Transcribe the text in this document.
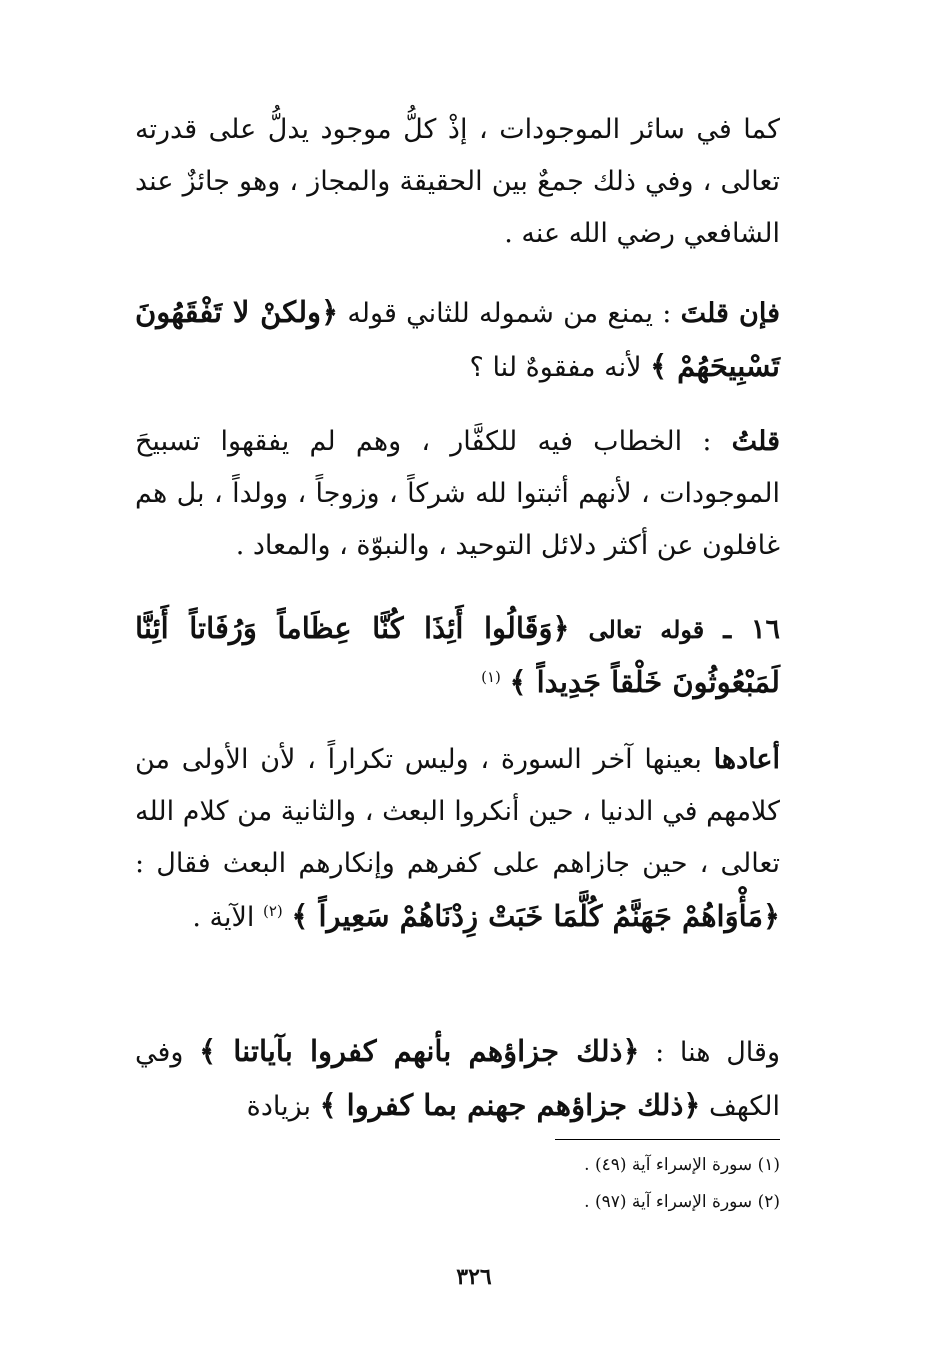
كما في سائر الموجودات ، إذْ كلُّ موجود يدلُّ على قدرته تعالى ، وفي ذلك جمعٌ بين الحقيقة والمجاز ، وهو جائزٌ عند الشافعي رضي الله عنه .
فإن قلتَ : يمنع من شموله للثاني قوله ﴿ولكنْ لا تَفْقَهُونَ تَسْبِيحَهُمْ ﴾ لأنه مفقوهٌ لنا ؟
قلتُ : الخطاب فيه للكفَّار ، وهم لم يفقهوا تسبيحَ الموجودات ، لأنهم أثبتوا لله شركاً ، وزوجاً ، وولداً ، بل هم غافلون عن أكثر دلائل التوحيد ، والنبوّة ، والمعاد .
١٦ ـ قوله تعالى ﴿وَقَالُوا أَئِذَا كُنَّا عِظَاماً وَرُفَاتاً أَئِنَّا لَمَبْعُوثُونَ خَلْقاً جَدِيداً ﴾ $^{(١)}$
أعادها بعينها آخر السورة ، وليس تكراراً ، لأن الأولى من كلامهم في الدنيا ، حين أنكروا البعث ، والثانية من كلام الله تعالى ، حين جازاهم على كفرهم وإنكارهم البعث فقال : ﴿مَأْوَاهُمْ جَهَنَّمُ كُلَّمَا خَبَتْ زِدْنَاهُمْ سَعِيراً ﴾ $^{(٢)}$ الآية .
وقال هنا : ﴿ذلك جزاؤهم بأنهم كفروا بآياتنا ﴾ وفي الكهف ﴿ذلك جزاؤهم جهنم بما كفروا ﴾ بزيادة
(١) سورة الإسراء آية (٤٩) .
(٢) سورة الإسراء آية (٩٧) .
٣٢٦
